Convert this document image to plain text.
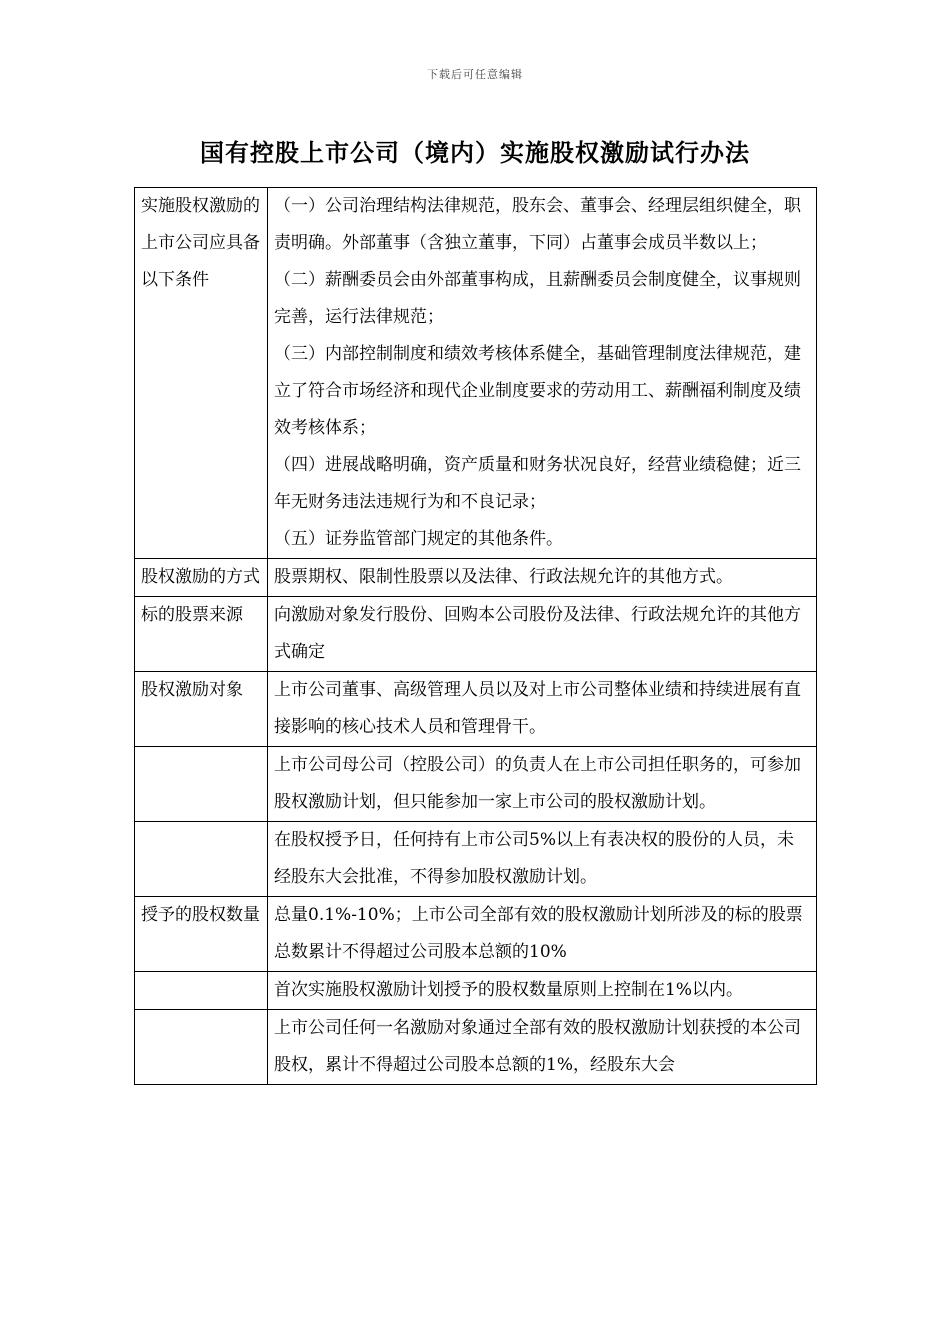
下载后可任意编辑
国有控股上市公司（境内）实施股权激励试行办法
实施股权激励的上市公司应具备以下条件	（一）公司治理结构法律规范，股东会、董事会、经理层组织健全，职责明确。外部董事（含独立董事，下同）占董事会成员半数以上；
（二）薪酬委员会由外部董事构成，且薪酬委员会制度健全，议事规则完善，运行法律规范；
（三）内部控制制度和绩效考核体系健全，基础管理制度法律规范，建立了符合市场经济和现代企业制度要求的劳动用工、薪酬福利制度及绩效考核体系；
（四）进展战略明确，资产质量和财务状况良好，经营业绩稳健；近三年无财务违法违规行为和不良记录；
（五）证券监管部门规定的其他条件。

股权激励的方式	股票期权、限制性股票以及法律、行政法规允许的其他方式。
标的股票来源	向激励对象发行股份、回购本公司股份及法律、行政法规允许的其他方式确定
股权激励对象	上市公司董事、高级管理人员以及对上市公司整体业绩和持续进展有直接影响的核心技术人员和管理骨干。
	上市公司母公司（控股公司）的负责人在上市公司担任职务的，可参加股权激励计划，但只能参加一家上市公司的股权激励计划。
	在股权授予日，任何持有上市公司5%以上有表决权的股份的人员，未经股东大会批准，不得参加股权激励计划。
授予的股权数量	总量0.1%-10%；上市公司全部有效的股权激励计划所涉及的标的股票总数累计不得超过公司股本总额的10%
	首次实施股权激励计划授予的股权数量原则上控制在1%以内。
	上市公司任何一名激励对象通过全部有效的股权激励计划获授的本公司股权，累计不得超过公司股本总额的1%，经股东大会
